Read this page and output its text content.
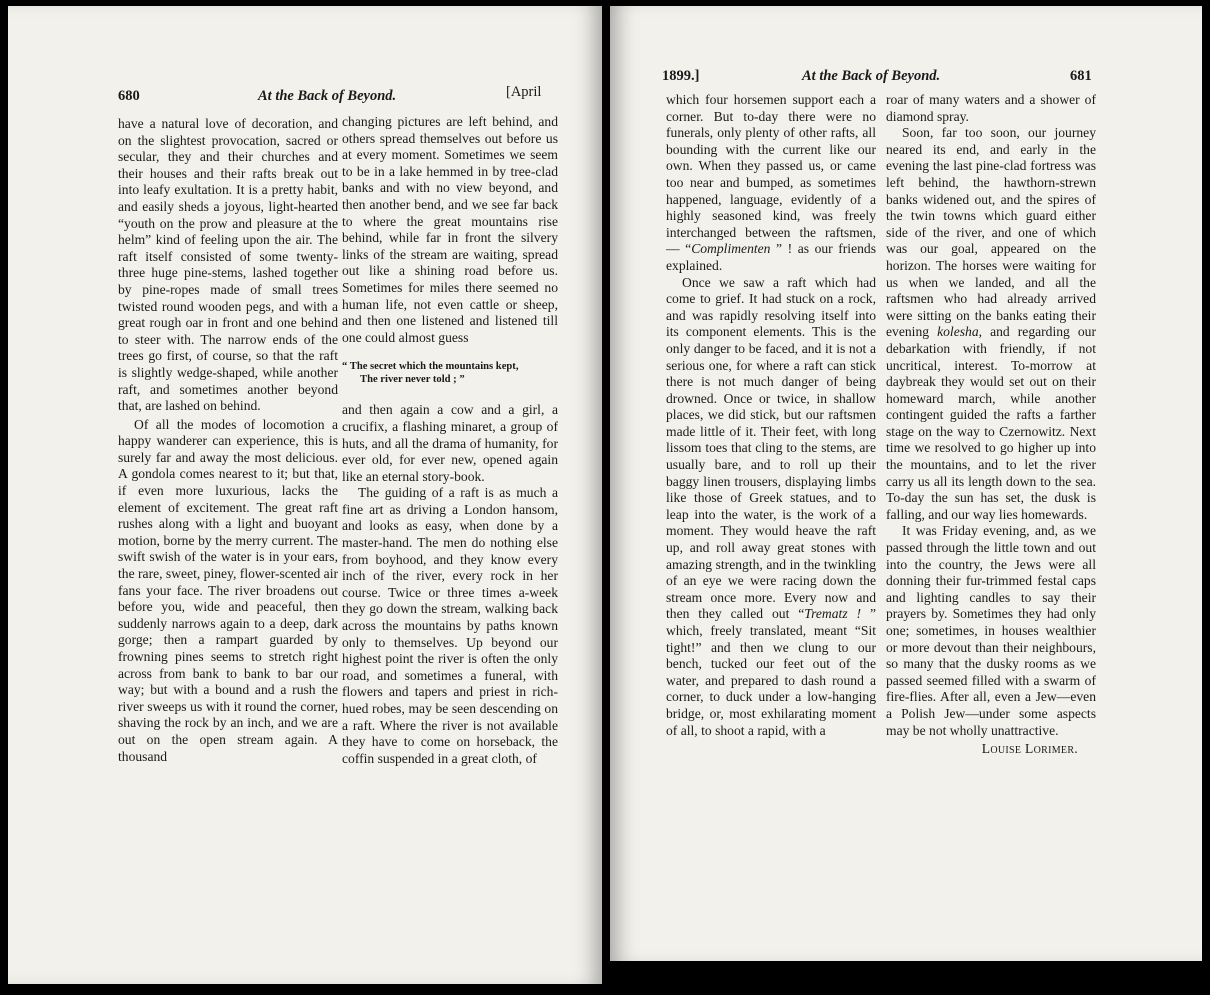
680	At the Back of Beyond.	[April

have a natural love of decoration, and on the slightest provocation, sacred or secular, they and their churches and their houses and their rafts break out into leafy exultation. It is a pretty habit, and easily sheds a joyous, light-hearted “youth on the prow and pleasure at the helm” kind of feeling upon the air. The raft itself consisted of some twenty-three huge pine-stems, lashed together by pine-ropes made of small trees twisted round wooden pegs, and with a great rough oar in front and one behind to steer with. The narrow ends of the trees go first, of course, so that the raft is slightly wedge-shaped, while another raft, and sometimes another beyond that, are lashed on behind.

Of all the modes of locomotion a happy wanderer can experience, this is surely far and away the most delicious. A gondola comes nearest to it; but that, if even more luxurious, lacks the element of excitement. The great raft rushes along with a light and buoyant motion, borne by the merry current. The swift swish of the water is in your ears, the rare, sweet, piney, flower-scented air fans your face. The river broadens out before you, wide and peaceful, then suddenly narrows again to a deep, dark gorge; then a rampart guarded by frowning pines seems to stretch right across from bank to bank to bar our way; but with a bound and a rush the river sweeps us with it round the corner, shaving the rock by an inch, and we are out on the open stream again. A thousand

changing pictures are left behind, and others spread themselves out before us at every moment. Sometimes we seem to be in a lake hemmed in by tree-clad banks and with no view beyond, and then another bend, and we see far back to where the great mountains rise behind, while far in front the silvery links of the stream are waiting, spread out like a shining road before us. Sometimes for miles there seemed no human life, not even cattle or sheep, and then one listened and listened till one could almost guess

“ The secret which the mountains kept,
The river never told ; ”

and then again a cow and a girl, a crucifix, a flashing minaret, a group of huts, and all the drama of humanity, for ever old, for ever new, opened again like an eternal story-book.

The guiding of a raft is as much a fine art as driving a London hansom, and looks as easy, when done by a master-hand. The men do nothing else from boyhood, and they know every inch of the river, every rock in her course. Twice or three times a-week they go down the stream, walking back across the mountains by paths known only to themselves. Up beyond our highest point the river is often the only road, and sometimes a funeral, with flowers and tapers and priest in rich-hued robes, may be seen descending on a raft. Where the river is not available they have to come on horseback, the coffin suspended in a great cloth, of

1899.]	At the Back of Beyond.	681

which four horsemen support each a corner. But to-day there were no funerals, only plenty of other rafts, all bounding with the current like our own. When they passed us, or came too near and bumped, as sometimes happened, language, evidently of a highly seasoned kind, was freely interchanged between the raftsmen, — “Complimenten ” ! as our friends explained.

Once we saw a raft which had come to grief. It had stuck on a rock, and was rapidly resolving itself into its component elements. This is the only danger to be faced, and it is not a serious one, for where a raft can stick there is not much danger of being drowned. Once or twice, in shallow places, we did stick, but our raftsmen made little of it. Their feet, with long lissom toes that cling to the stems, are usually bare, and to roll up their baggy linen trousers, displaying limbs like those of Greek statues, and to leap into the water, is the work of a moment. They would heave the raft up, and roll away great stones with amazing strength, and in the twinkling of an eye we were racing down the stream once more. Every now and then they called out “Trematz ! ” which, freely translated, meant “Sit tight!” and then we clung to our bench, tucked our feet out of the water, and prepared to dash round a corner, to duck under a low-hanging bridge, or, most exhilarating moment of all, to shoot a rapid, with a

roar of many waters and a shower of diamond spray.

Soon, far too soon, our journey neared its end, and early in the evening the last pine-clad fortress was left behind, the hawthorn-strewn banks widened out, and the spires of the twin towns which guard either side of the river, and one of which was our goal, appeared on the horizon. The horses were waiting for us when we landed, and all the raftsmen who had already arrived were sitting on the banks eating their evening kolesha, and regarding our debarkation with friendly, if not uncritical, interest. To-morrow at daybreak they would set out on their homeward march, while another contingent guided the rafts a farther stage on the way to Czernowitz. Next time we resolved to go higher up into the mountains, and to let the river carry us all its length down to the sea. To-day the sun has set, the dusk is falling, and our way lies homewards.

It was Friday evening, and, as we passed through the little town and out into the country, the Jews were all donning their fur-trimmed festal caps and lighting candles to say their prayers by. Sometimes they had only one; sometimes, in houses wealthier or more devout than their neighbours, so many that the dusky rooms as we passed seemed filled with a swarm of fire-flies. After all, even a Jew—even a Polish Jew—under some aspects may be not wholly unattractive.

Louise Lorimer.
